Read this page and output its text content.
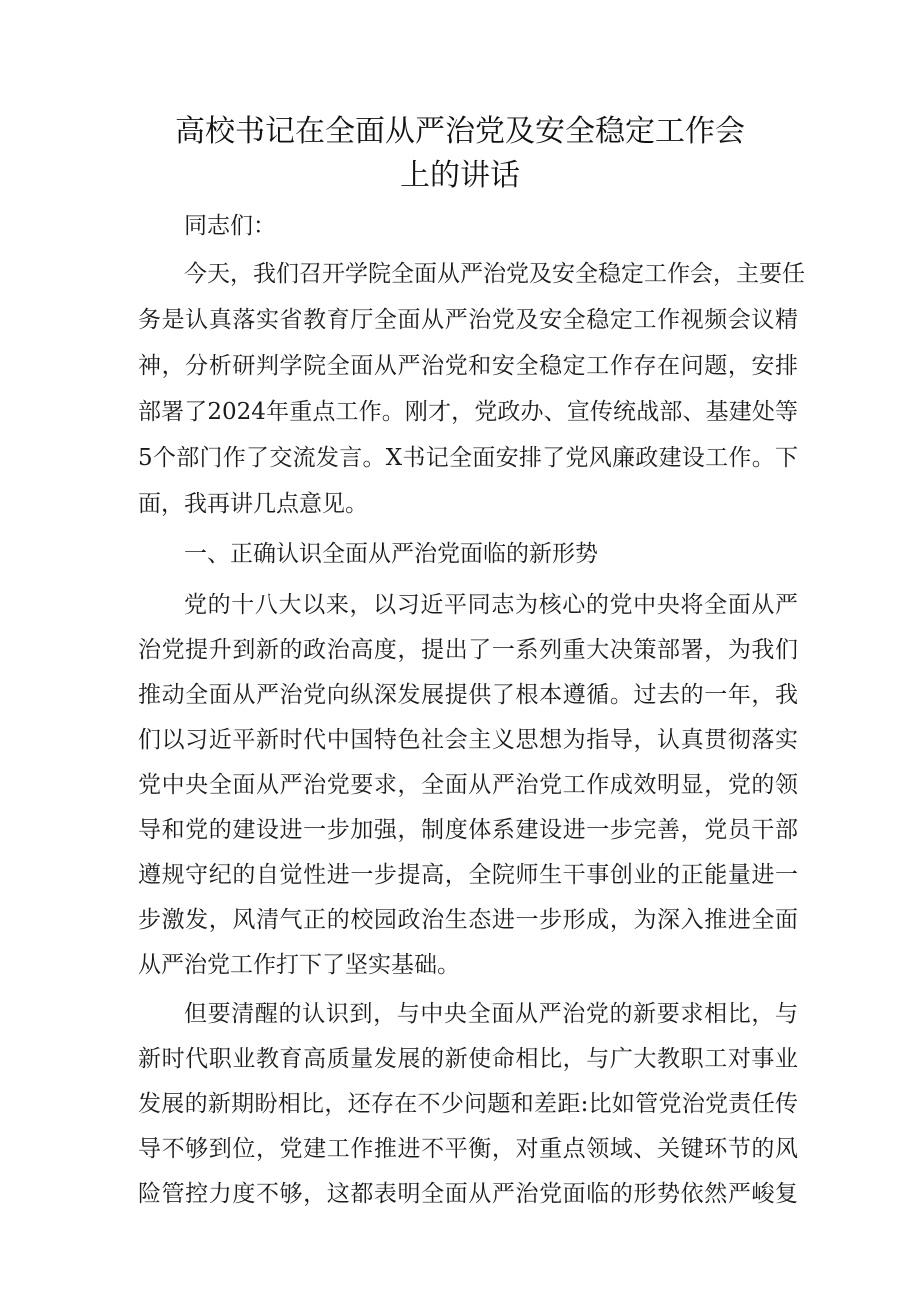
高校书记在全面从严治党及安全稳定工作会
上的讲话
同志们：
今天，我们召开学院全面从严治党及安全稳定工作会，主要任
务是认真落实省教育厅全面从严治党及安全稳定工作视频会议精
神，分析研判学院全面从严治党和安全稳定工作存在问题，安排
部署了2024年重点工作。刚才，党政办、宣传统战部、基建处等
5个部门作了交流发言。X书记全面安排了党风廉政建设工作。下
面，我再讲几点意见。
一、正确认识全面从严治党面临的新形势
党的十八大以来，以习近平同志为核心的党中央将全面从严
治党提升到新的政治高度，提出了一系列重大决策部署，为我们
推动全面从严治党向纵深发展提供了根本遵循。过去的一年，我
们以习近平新时代中国特色社会主义思想为指导，认真贯彻落实
党中央全面从严治党要求，全面从严治党工作成效明显，党的领
导和党的建设进一步加强，制度体系建设进一步完善，党员干部
遵规守纪的自觉性进一步提高，全院师生干事创业的正能量进一
步激发，风清气正的校园政治生态进一步形成，为深入推进全面
从严治党工作打下了坚实基础。
但要清醒的认识到，与中央全面从严治党的新要求相比，与
新时代职业教育高质量发展的新使命相比，与广大教职工对事业
发展的新期盼相比，还存在不少问题和差距:比如管党治党责任传
导不够到位，党建工作推进不平衡，对重点领域、关键环节的风
险管控力度不够，这都表明全面从严治党面临的形势依然严峻复
